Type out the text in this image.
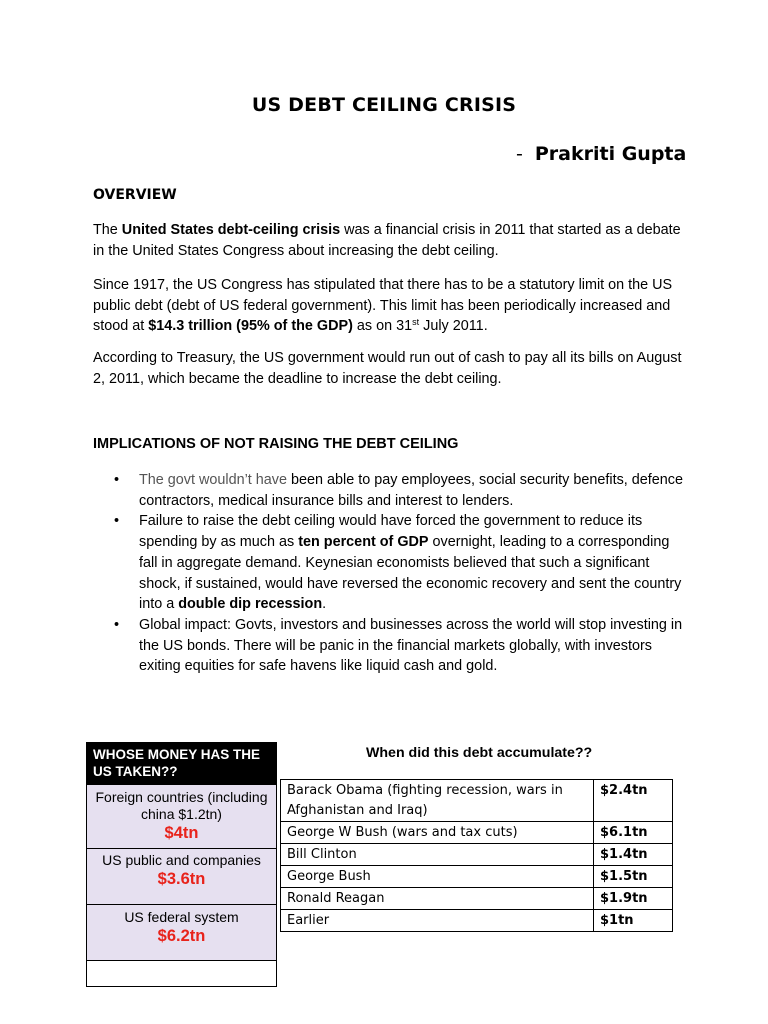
US DEBT CEILING CRISIS
- Prakriti Gupta
OVERVIEW
The United States debt-ceiling crisis was a financial crisis in 2011 that started as a debate in the United States Congress about increasing the debt ceiling.
Since 1917, the US Congress has stipulated that there has to be a statutory limit on the US public debt (debt of US federal government). This limit has been periodically increased and stood at $14.3 trillion (95% of the GDP) as on 31st July 2011.
According to Treasury, the US government would run out of cash to pay all its bills on August 2, 2011, which became the deadline to increase the debt ceiling.
IMPLICATIONS OF NOT RAISING THE DEBT CEILING
• The govt wouldn’t have been able to pay employees, social security benefits, defence contractors, medical insurance bills and interest to lenders.
• Failure to raise the debt ceiling would have forced the government to reduce its spending by as much as ten percent of GDP overnight, leading to a corresponding fall in aggregate demand. Keynesian economists believed that such a significant shock, if sustained, would have reversed the economic recovery and sent the country into a double dip recession.
• Global impact: Govts, investors and businesses across the world will stop investing in the US bonds. There will be panic in the financial markets globally, with investors exiting equities for safe havens like liquid cash and gold.
WHOSE MONEY HAS THE US TAKEN??
Foreign countries (including china $1.2tn)
$4tn
US public and companies
$3.6tn
US federal system
$6.2tn
When did this debt accumulate??
Barack Obama (fighting recession, wars in Afghanistan and Iraq)	$2.4tn
George W Bush (wars and tax cuts)	$6.1tn
Bill Clinton	$1.4tn
George Bush	$1.5tn
Ronald Reagan	$1.9tn
Earlier	$1tn
